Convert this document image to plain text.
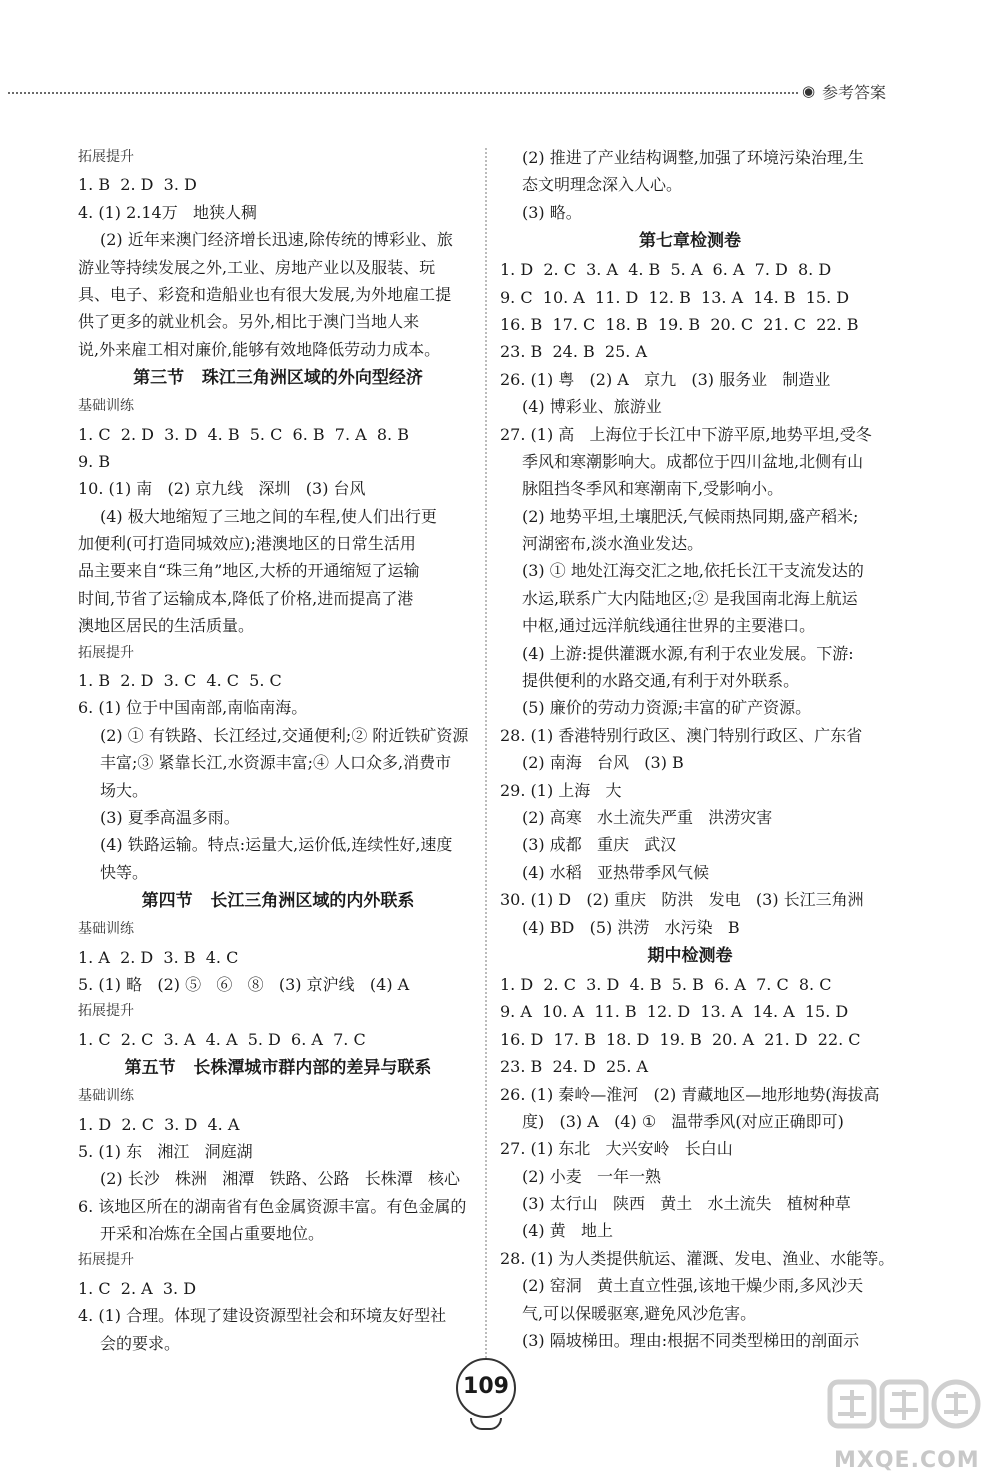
◉ 参考答案
拓展提升
1. B  2. D  3. D
4. (1) 2.14万   地狭人稠
(2) 近年来澳门经济增长迅速,除传统的博彩业、旅
游业等持续发展之外,工业、房地产业以及服装、玩
具、电子、彩瓷和造船业也有很大发展,为外地雇工提
供了更多的就业机会。另外,相比于澳门当地人来
说,外来雇工相对廉价,能够有效地降低劳动力成本。
第三节   珠江三角洲区域的外向型经济
基础训练
1. C  2. D  3. D  4. B  5. C  6. B  7. A  8. B
9. B
10. (1) 南   (2) 京九线   深圳   (3) 台风
(4) 极大地缩短了三地之间的车程,使人们出行更
加便利(可打造同城效应);港澳地区的日常生活用
品主要来自“珠三角”地区,大桥的开通缩短了运输
时间,节省了运输成本,降低了价格,进而提高了港
澳地区居民的生活质量。
拓展提升
1. B  2. D  3. C  4. C  5. C
6. (1) 位于中国南部,南临南海。
(2) ① 有铁路、长江经过,交通便利;② 附近铁矿资源
丰富;③ 紧靠长江,水资源丰富;④ 人口众多,消费市
场大。
(3) 夏季高温多雨。
(4) 铁路运输。特点:运量大,运价低,连续性好,速度
快等。
第四节   长江三角洲区域的内外联系
基础训练
1. A  2. D  3. B  4. C
5. (1) 略   (2) ⑤   ⑥   ⑧   (3) 京沪线   (4) A
拓展提升
1. C  2. C  3. A  4. A  5. D  6. A  7. C
第五节   长株潭城市群内部的差异与联系
基础训练
1. D  2. C  3. D  4. A
5. (1) 东   湘江   洞庭湖
(2) 长沙   株洲   湘潭   铁路、公路   长株潭   核心
6. 该地区所在的湖南省有色金属资源丰富。有色金属的
开采和冶炼在全国占重要地位。
拓展提升
1. C  2. A  3. D
4. (1) 合理。体现了建设资源型社会和环境友好型社
会的要求。
(2) 推进了产业结构调整,加强了环境污染治理,生
态文明理念深入人心。
(3) 略。
第七章检测卷
1. D  2. C  3. A  4. B  5. A  6. A  7. D  8. D
9. C  10. A  11. D  12. B  13. A  14. B  15. D
16. B  17. C  18. B  19. B  20. C  21. C  22. B
23. B  24. B  25. A
26. (1) 粤   (2) A   京九   (3) 服务业   制造业
(4) 博彩业、旅游业
27. (1) 高   上海位于长江中下游平原,地势平坦,受冬
季风和寒潮影响大。成都位于四川盆地,北侧有山
脉阻挡冬季风和寒潮南下,受影响小。
(2) 地势平坦,土壤肥沃,气候雨热同期,盛产稻米;
河湖密布,淡水渔业发达。
(3) ① 地处江海交汇之地,依托长江干支流发达的
水运,联系广大内陆地区;② 是我国南北海上航运
中枢,通过远洋航线通往世界的主要港口。
(4) 上游:提供灌溉水源,有利于农业发展。下游:
提供便利的水路交通,有利于对外联系。
(5) 廉价的劳动力资源;丰富的矿产资源。
28. (1) 香港特别行政区、澳门特别行政区、广东省
(2) 南海   台风   (3) B
29. (1) 上海   大
(2) 高寒   水土流失严重   洪涝灾害
(3) 成都   重庆   武汉
(4) 水稻   亚热带季风气候
30. (1) D   (2) 重庆   防洪   发电   (3) 长江三角洲
(4) BD   (5) 洪涝   水污染   B
期中检测卷
1. D  2. C  3. D  4. B  5. B  6. A  7. C  8. C
9. A  10. A  11. B  12. D  13. A  14. A  15. D
16. D  17. B  18. D  19. B  20. A  21. D  22. C
23. B  24. D  25. A
26. (1) 秦岭—淮河   (2) 青藏地区—地形地势(海拔高
度)   (3) A   (4) ①   温带季风(对应正确即可)
27. (1) 东北   大兴安岭   长白山
(2) 小麦   一年一熟
(3) 太行山   陕西   黄土   水土流失   植树种草
(4) 黄   地上
28. (1) 为人类提供航运、灌溉、发电、渔业、水能等。
(2) 窑洞   黄土直立性强,该地干燥少雨,多风沙天
气,可以保暖驱寒,避免风沙危害。
(3) 隔坡梯田。理由:根据不同类型梯田的剖面示
109
MXQE.COM
